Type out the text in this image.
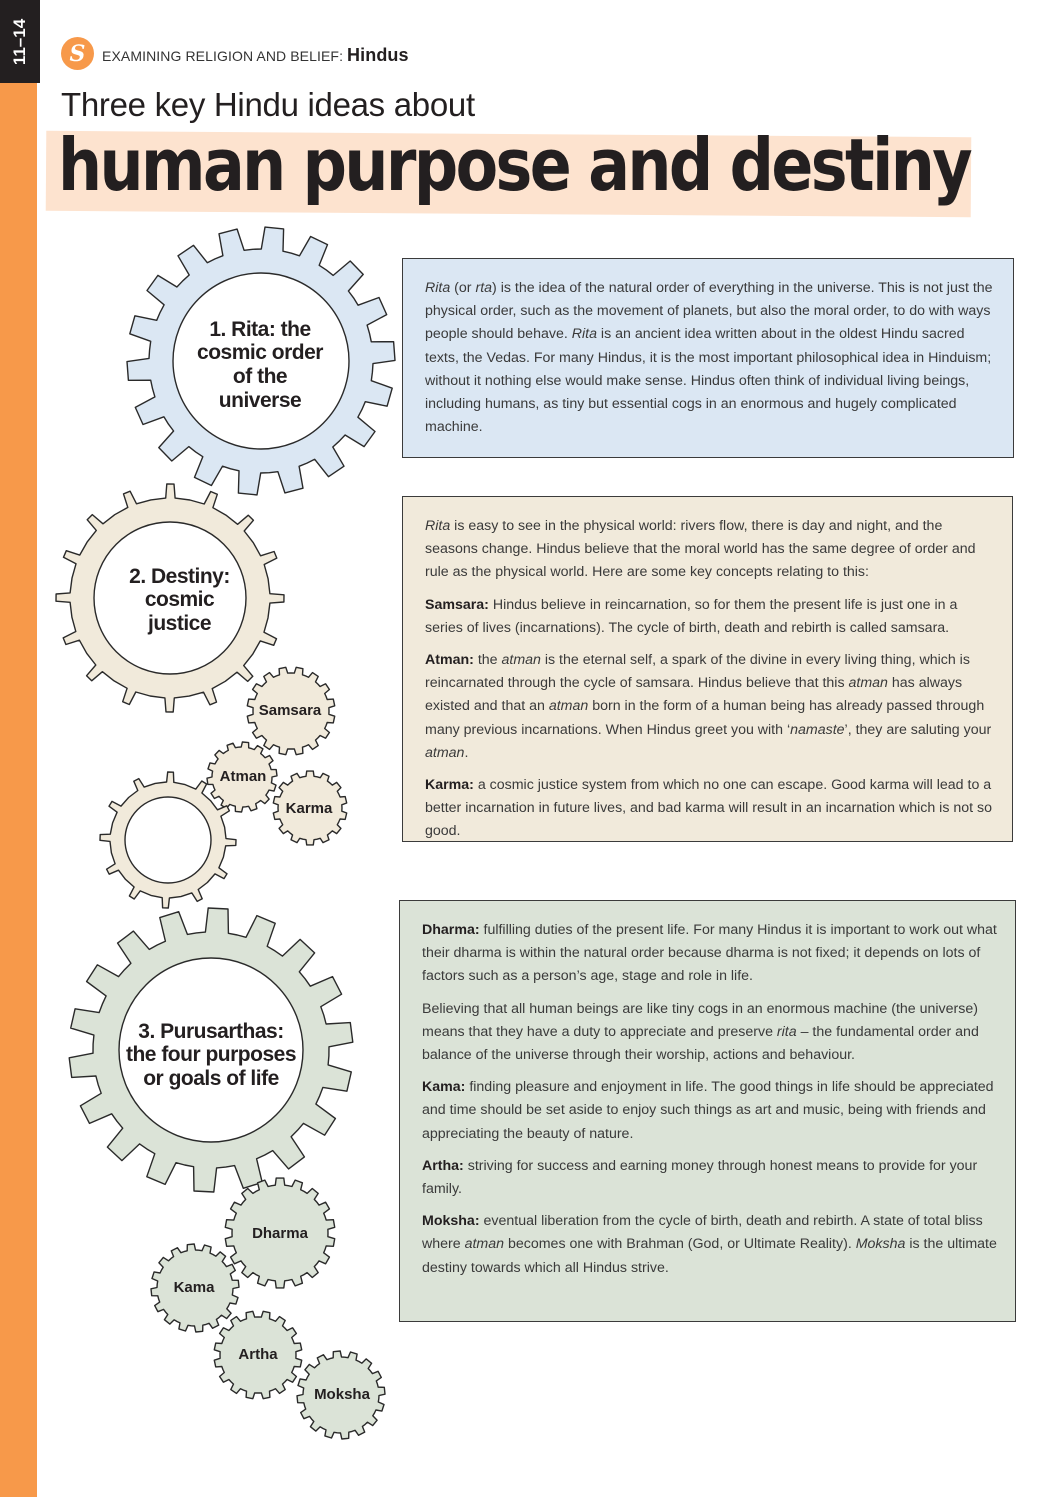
11–14 S EXAMINING RELIGION AND BELIEF: Hindus
Three key Hindu ideas about
human purpose and destiny
1. Rita: the cosmic order of the universe
2. Destiny: cosmic justice
3. Purusarthas: the four purposes or goals of life
Samsara
Atman
Karma
Dharma
Kama
Artha
Moksha

Rita (or rta) is the idea of the natural order of everything in the universe. This is not just the physical order, such as the movement of planets, but also the moral order, to do with ways people should behave. Rita is an ancient idea written about in the oldest Hindu sacred texts, the Vedas. For many Hindus, it is the most important philosophical idea in Hinduism; without it nothing else would make sense. Hindus often think of individual living beings, including humans, as tiny but essential cogs in an enormous and hugely complicated machine.

Rita is easy to see in the physical world: rivers flow, there is day and night, and the seasons change. Hindus believe that the moral world has the same degree of order and rule as the physical world. Here are some key concepts relating to this:

Samsara: Hindus believe in reincarnation, so for them the present life is just one in a series of lives (incarnations). The cycle of birth, death and rebirth is called samsara.

Atman: the atman is the eternal self, a spark of the divine in every living thing, which is reincarnated through the cycle of samsara. Hindus believe that this atman has always existed and that an atman born in the form of a human being has already passed through many previous incarnations. When Hindus greet you with ‘namaste’, they are saluting your atman.

Karma: a cosmic justice system from which no one can escape. Good karma will lead to a better incarnation in future lives, and bad karma will result in an incarnation which is not so good.

Dharma: fulfilling duties of the present life. For many Hindus it is important to work out what their dharma is within the natural order because dharma is not fixed; it depends on lots of factors such as a person’s age, stage and role in life.

Believing that all human beings are like tiny cogs in an enormous machine (the universe) means that they have a duty to appreciate and preserve rita – the fundamental order and balance of the universe through their worship, actions and behaviour.

Kama: finding pleasure and enjoyment in life. The good things in life should be appreciated and time should be set aside to enjoy such things as art and music, being with friends and appreciating the beauty of nature.

Artha: striving for success and earning money through honest means to provide for your family.

Moksha: eventual liberation from the cycle of birth, death and rebirth. A state of total bliss where atman becomes one with Brahman (God, or Ultimate Reality). Moksha is the ultimate destiny towards which all Hindus strive.
